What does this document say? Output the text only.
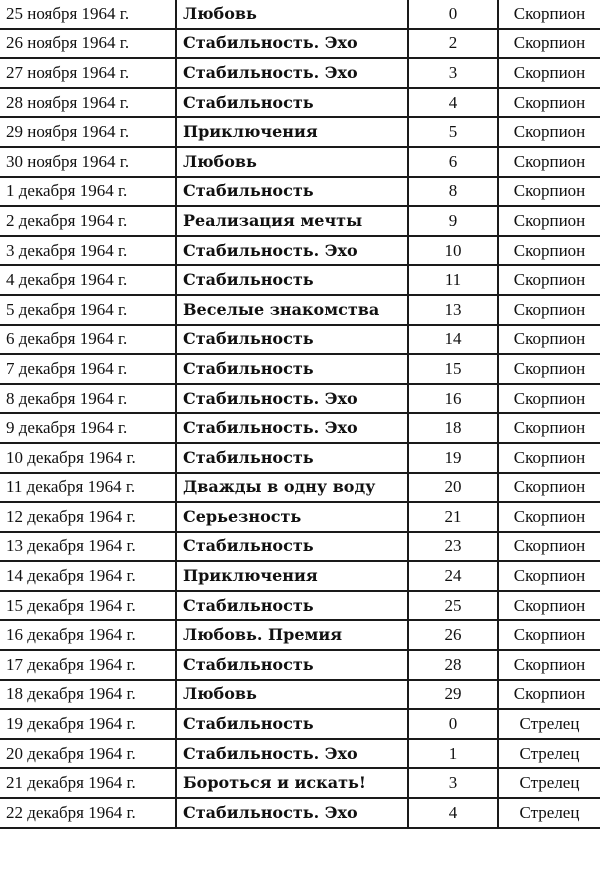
25 ноября 1964 г.	Любовь	0	Скорпион
26 ноября 1964 г.	Стабильность. Эхо	2	Скорпион
27 ноября 1964 г.	Стабильность. Эхо	3	Скорпион
28 ноября 1964 г.	Стабильность	4	Скорпион
29 ноября 1964 г.	Приключения	5	Скорпион
30 ноября 1964 г.	Любовь	6	Скорпион
1 декабря 1964 г.	Стабильность	8	Скорпион
2 декабря 1964 г.	Реализация мечты	9	Скорпион
3 декабря 1964 г.	Стабильность. Эхо	10	Скорпион
4 декабря 1964 г.	Стабильность	11	Скорпион
5 декабря 1964 г.	Веселые знакомства	13	Скорпион
6 декабря 1964 г.	Стабильность	14	Скорпион
7 декабря 1964 г.	Стабильность	15	Скорпион
8 декабря 1964 г.	Стабильность. Эхо	16	Скорпион
9 декабря 1964 г.	Стабильность. Эхо	18	Скорпион
10 декабря 1964 г.	Стабильность	19	Скорпион
11 декабря 1964 г.	Дважды в одну воду	20	Скорпион
12 декабря 1964 г.	Серьезность	21	Скорпион
13 декабря 1964 г.	Стабильность	23	Скорпион
14 декабря 1964 г.	Приключения	24	Скорпион
15 декабря 1964 г.	Стабильность	25	Скорпион
16 декабря 1964 г.	Любовь. Премия	26	Скорпион
17 декабря 1964 г.	Стабильность	28	Скорпион
18 декабря 1964 г.	Любовь	29	Скорпион
19 декабря 1964 г.	Стабильность	0	Стрелец
20 декабря 1964 г.	Стабильность. Эхо	1	Стрелец
21 декабря 1964 г.	Бороться и искать!	3	Стрелец
22 декабря 1964 г.	Стабильность. Эхо	4	Стрелец
